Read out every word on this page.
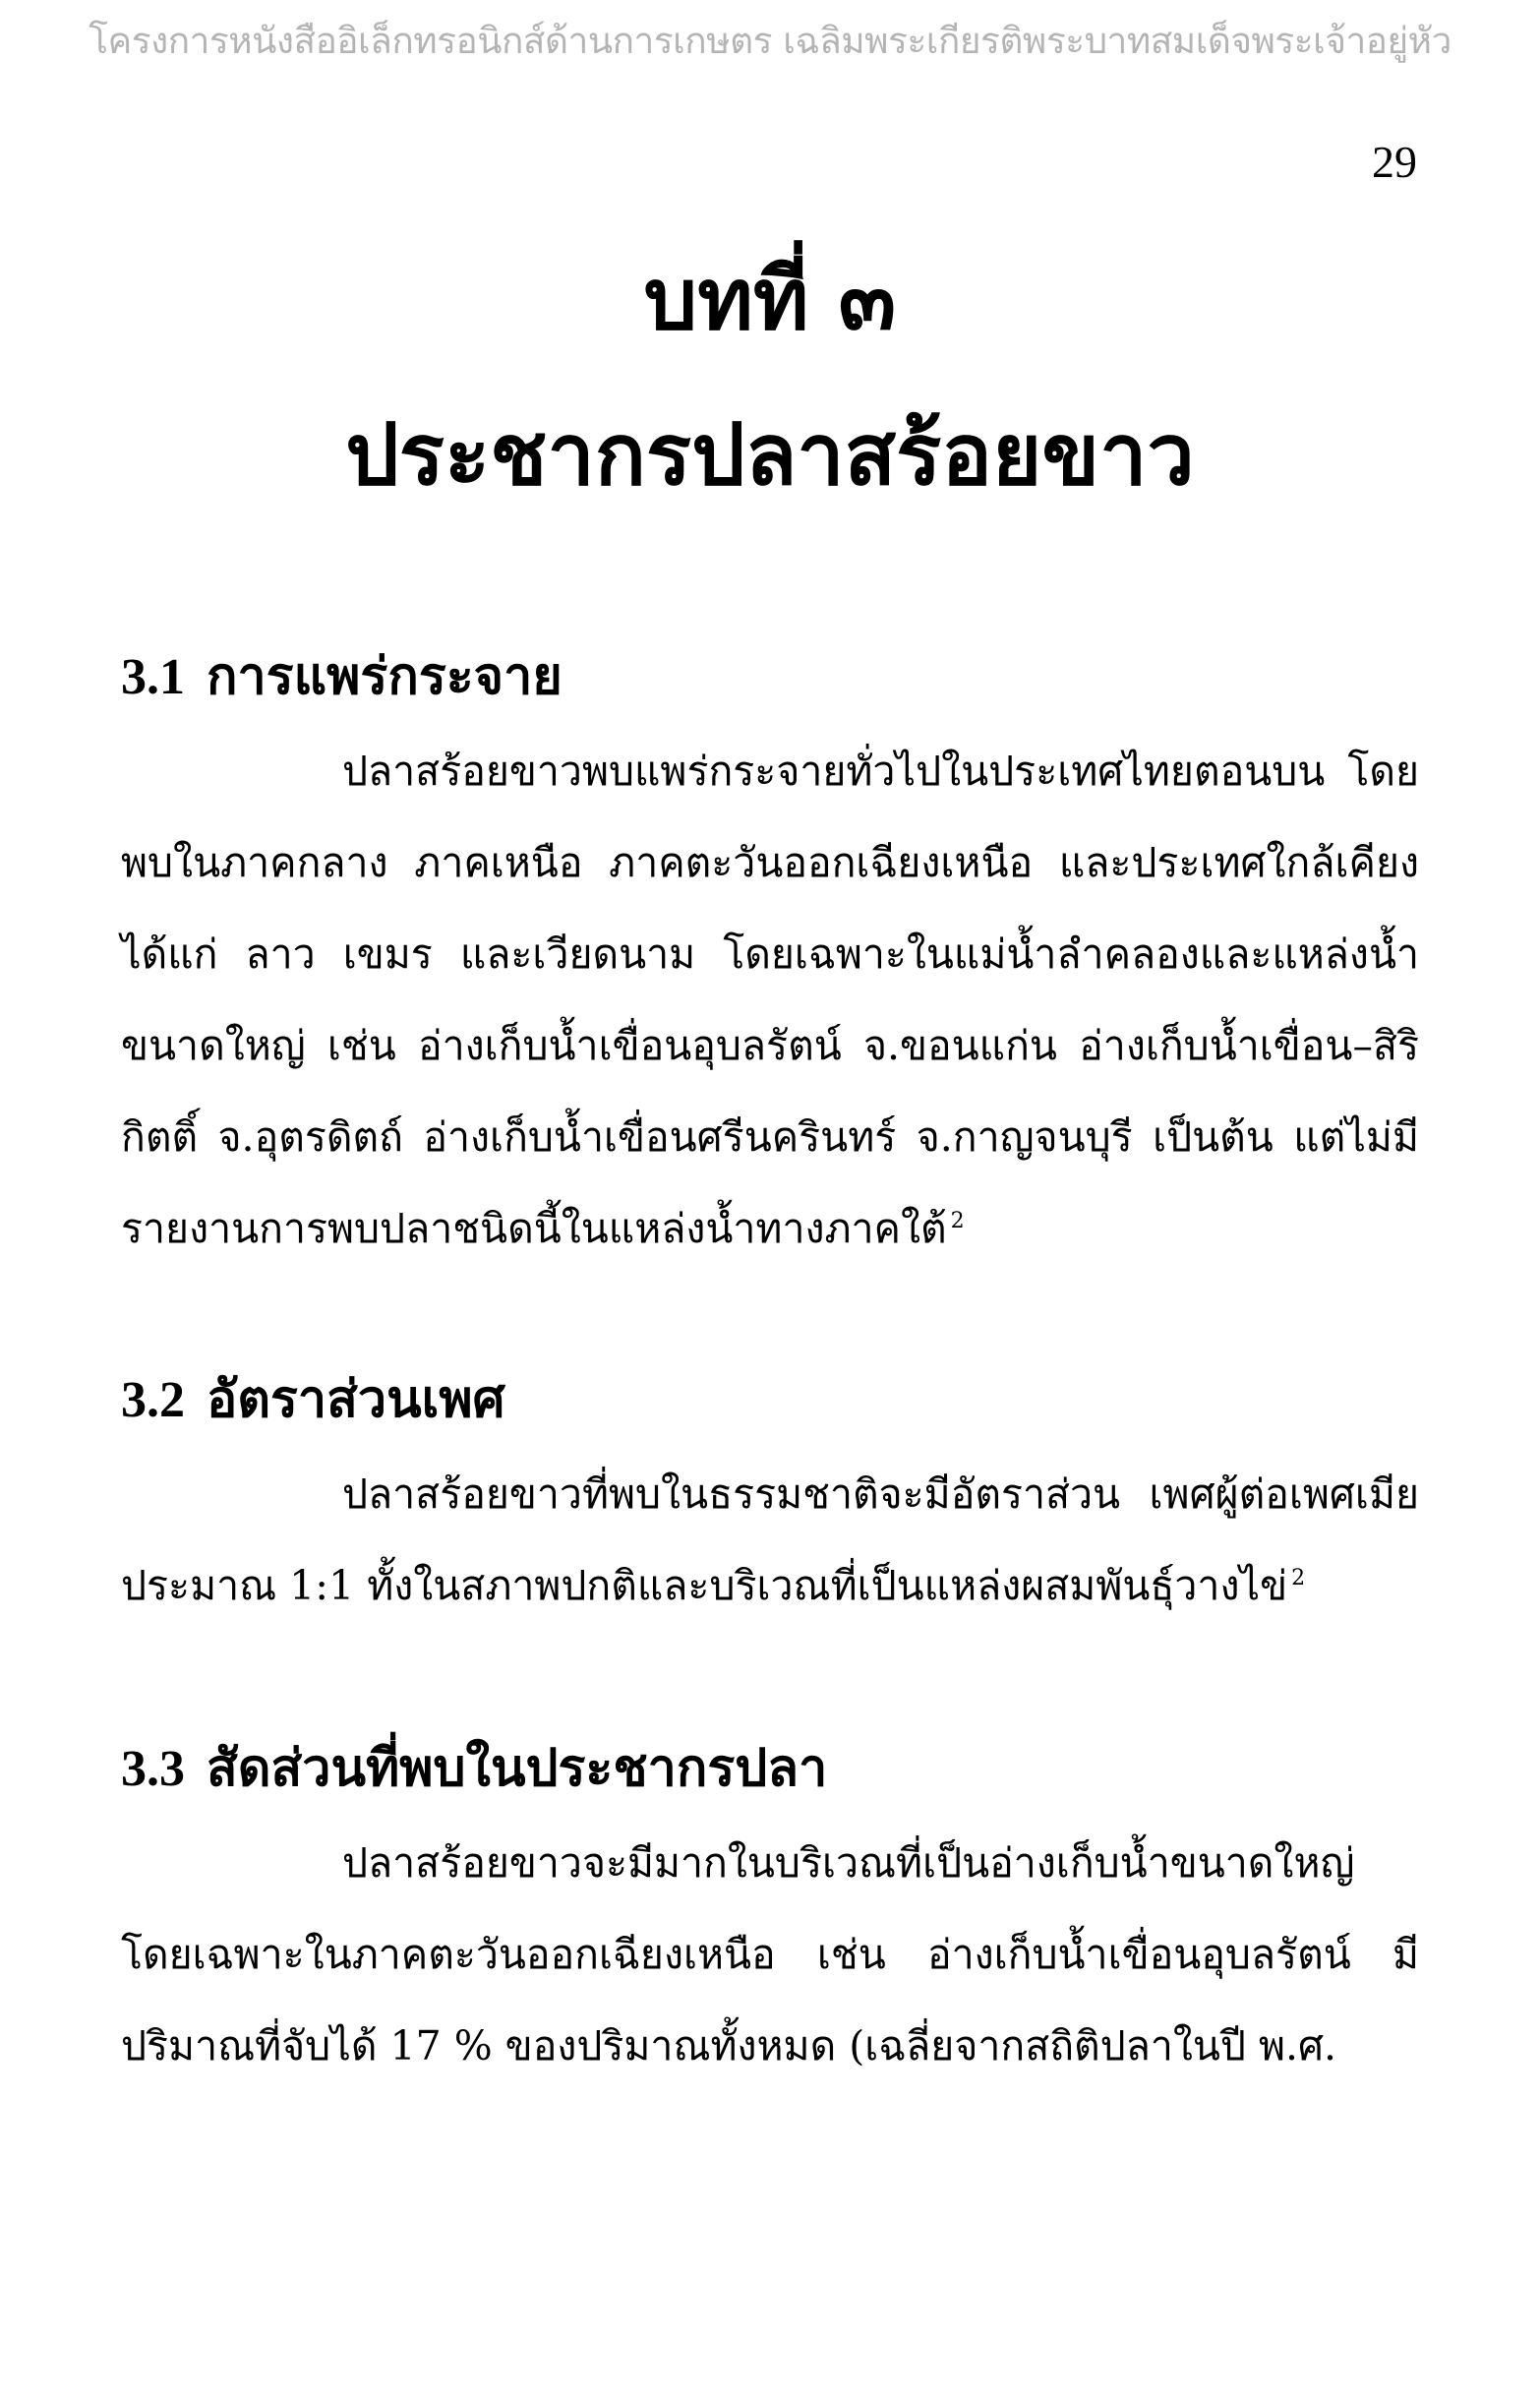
โครงการหนังสืออิเล็กทรอนิกส์ด้านการเกษตร เฉลิมพระเกียรติพระบาทสมเด็จพระเจ้าอยู่หัว
29
บทที่ ๓
ประชากรปลาสร้อยขาว
3.1 การแพร่กระจาย
ปลาสร้อยขาวพบแพร่กระจายทั่วไปในประเทศไทยตอนบน โดยพบในภาคกลาง ภาคเหนือ ภาคตะวันออกเฉียงเหนือ และประเทศใกล้เคียง ได้แก่ ลาว เขมร และเวียดนาม โดยเฉพาะในแม่น้ำลำคลองและแหล่งน้ำขนาดใหญ่ เช่น อ่างเก็บน้ำเขื่อนอุบลรัตน์ จ.ขอนแก่น อ่างเก็บน้ำเขื่อน–สิริกิตติ์ จ.อุตรดิตถ์ อ่างเก็บน้ำเขื่อนศรีนครินทร์ จ.กาญจนบุรี เป็นต้น แต่ไม่มีรายงานการพบปลาชนิดนี้ในแหล่งน้ำทางภาคใต้ $^2$
3.2 อัตราส่วนเพศ
ปลาสร้อยขาวที่พบในธรรมชาติจะมีอัตราส่วน เพศผู้ต่อเพศเมียประมาณ 1:1 ทั้งในสภาพปกติและบริเวณที่เป็นแหล่งผสมพันธุ์วางไข่ $^2$
3.3 สัดส่วนที่พบในประชากรปลา
ปลาสร้อยขาวจะมีมากในบริเวณที่เป็นอ่างเก็บน้ำขนาดใหญ่ โดยเฉพาะในภาคตะวันออกเฉียงเหนือ เช่น อ่างเก็บน้ำเขื่อนอุบลรัตน์ มีปริมาณที่จับได้ 17 % ของปริมาณทั้งหมด (เฉลี่ยจากสถิติปลาในปี พ.ศ.
